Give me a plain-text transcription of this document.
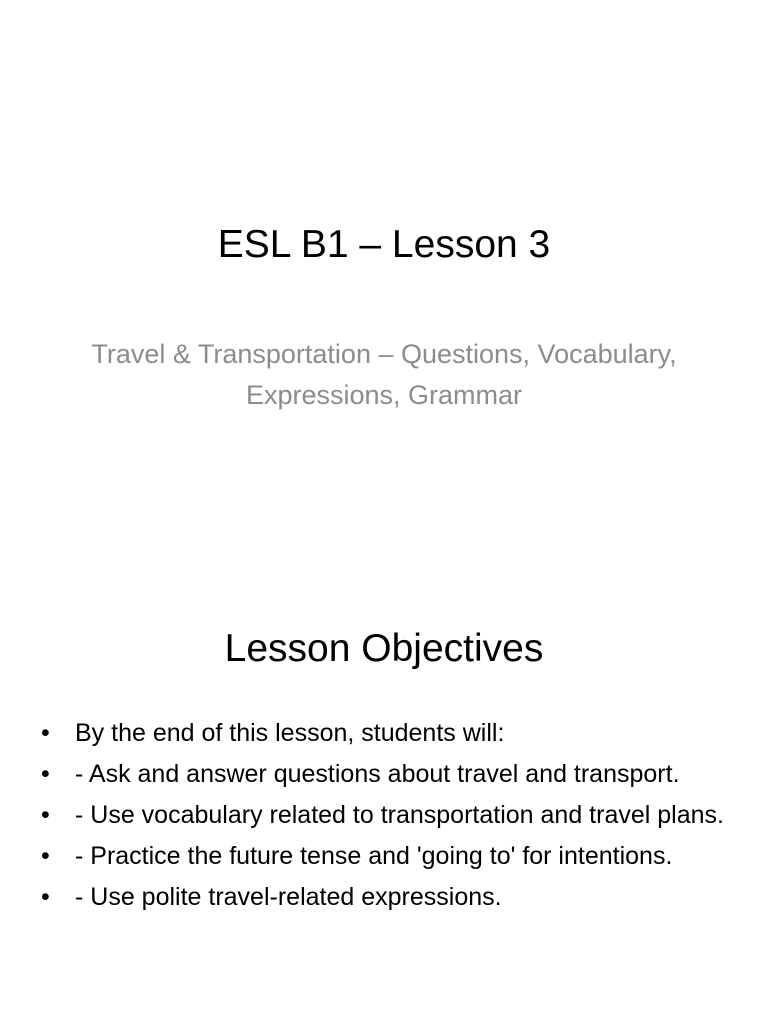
ESL B1 – Lesson 3
Travel & Transportation – Questions, Vocabulary, Expressions, Grammar
Lesson Objectives
• By the end of this lesson, students will:
• - Ask and answer questions about travel and transport.
• - Use vocabulary related to transportation and travel plans.
• - Practice the future tense and 'going to' for intentions.
• - Use polite travel-related expressions.
